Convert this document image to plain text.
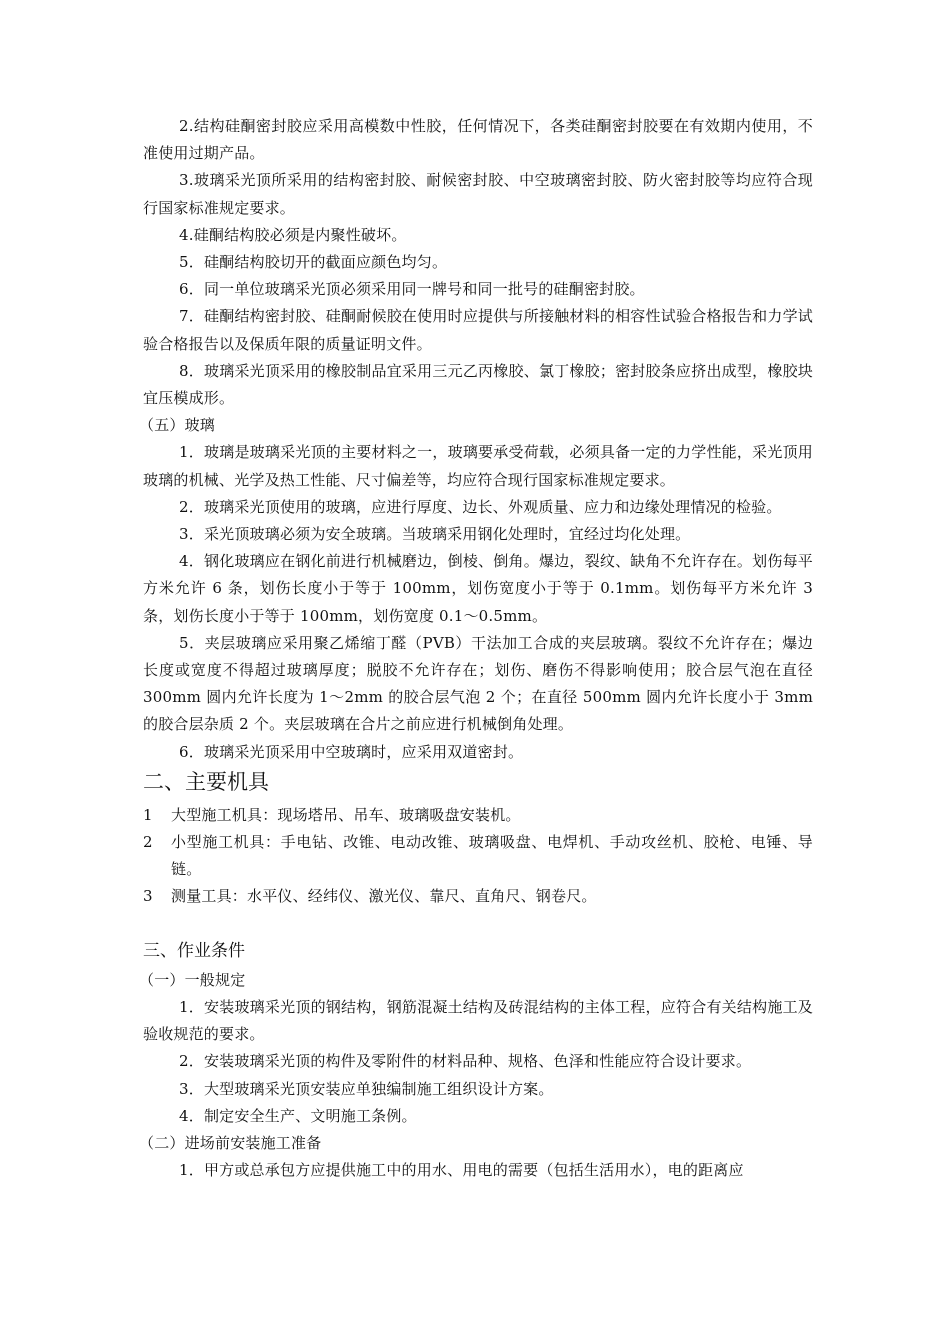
2.结构硅酮密封胶应采用高模数中性胶，任何情况下，各类硅酮密封胶要在有效期内使用，不准使用过期产品。

3.玻璃采光顶所采用的结构密封胶、耐候密封胶、中空玻璃密封胶、防火密封胶等均应符合现行国家标准规定要求。

4.硅酮结构胶必须是内聚性破坏。

5．硅酮结构胶切开的截面应颜色均匀。

6．同一单位玻璃采光顶必须采用同一牌号和同一批号的硅酮密封胶。

7．硅酮结构密封胶、硅酮耐候胶在使用时应提供与所接触材料的相容性试验合格报告和力学试验合格报告以及保质年限的质量证明文件。

8．玻璃采光顶采用的橡胶制品宜采用三元乙丙橡胶、氯丁橡胶；密封胶条应挤出成型，橡胶块宜压模成形。

（五）玻璃

1．玻璃是玻璃采光顶的主要材料之一，玻璃要承受荷载，必须具备一定的力学性能，采光顶用玻璃的机械、光学及热工性能、尺寸偏差等，均应符合现行国家标准规定要求。

2．玻璃采光顶使用的玻璃，应进行厚度、边长、外观质量、应力和边缘处理情况的检验。

3．采光顶玻璃必须为安全玻璃。当玻璃采用钢化处理时，宜经过均化处理。

4．钢化玻璃应在钢化前进行机械磨边，倒棱、倒角。爆边，裂纹、缺角不允许存在。划伤每平方米允许 6 条，划伤长度小于等于 100mm，划伤宽度小于等于 0.1mm。划伤每平方米允许 3 条，划伤长度小于等于 100mm，划伤宽度 0.1～0.5mm。

5．夹层玻璃应采用聚乙烯缩丁醛（PVB）干法加工合成的夹层玻璃。裂纹不允许存在；爆边长度或宽度不得超过玻璃厚度；脱胶不允许存在；划伤、磨伤不得影响使用；胶合层气泡在直径 300mm 圆内允许长度为 1～2mm 的胶合层气泡 2 个；在直径 500mm 圆内允许长度小于 3mm 的胶合层杂质 2 个。夹层玻璃在合片之前应进行机械倒角处理。

6．玻璃采光顶采用中空玻璃时，应采用双道密封。

二、主要机具

1	大型施工机具：现场塔吊、吊车、玻璃吸盘安装机。

2	小型施工机具：手电钻、改锥、电动改锥、玻璃吸盘、电焊机、手动攻丝机、胶枪、电锤、导链。

3	测量工具：水平仪、经纬仪、激光仪、靠尺、直角尺、钢卷尺。

三、作业条件

（一）一般规定

1．安装玻璃采光顶的钢结构，钢筋混凝土结构及砖混结构的主体工程，应符合有关结构施工及验收规范的要求。

2．安装玻璃采光顶的构件及零附件的材料品种、规格、色泽和性能应符合设计要求。

3．大型玻璃采光顶安装应单独编制施工组织设计方案。

4．制定安全生产、文明施工条例。

（二）进场前安装施工准备

1．甲方或总承包方应提供施工中的用水、用电的需要（包括生活用水），电的距离应
